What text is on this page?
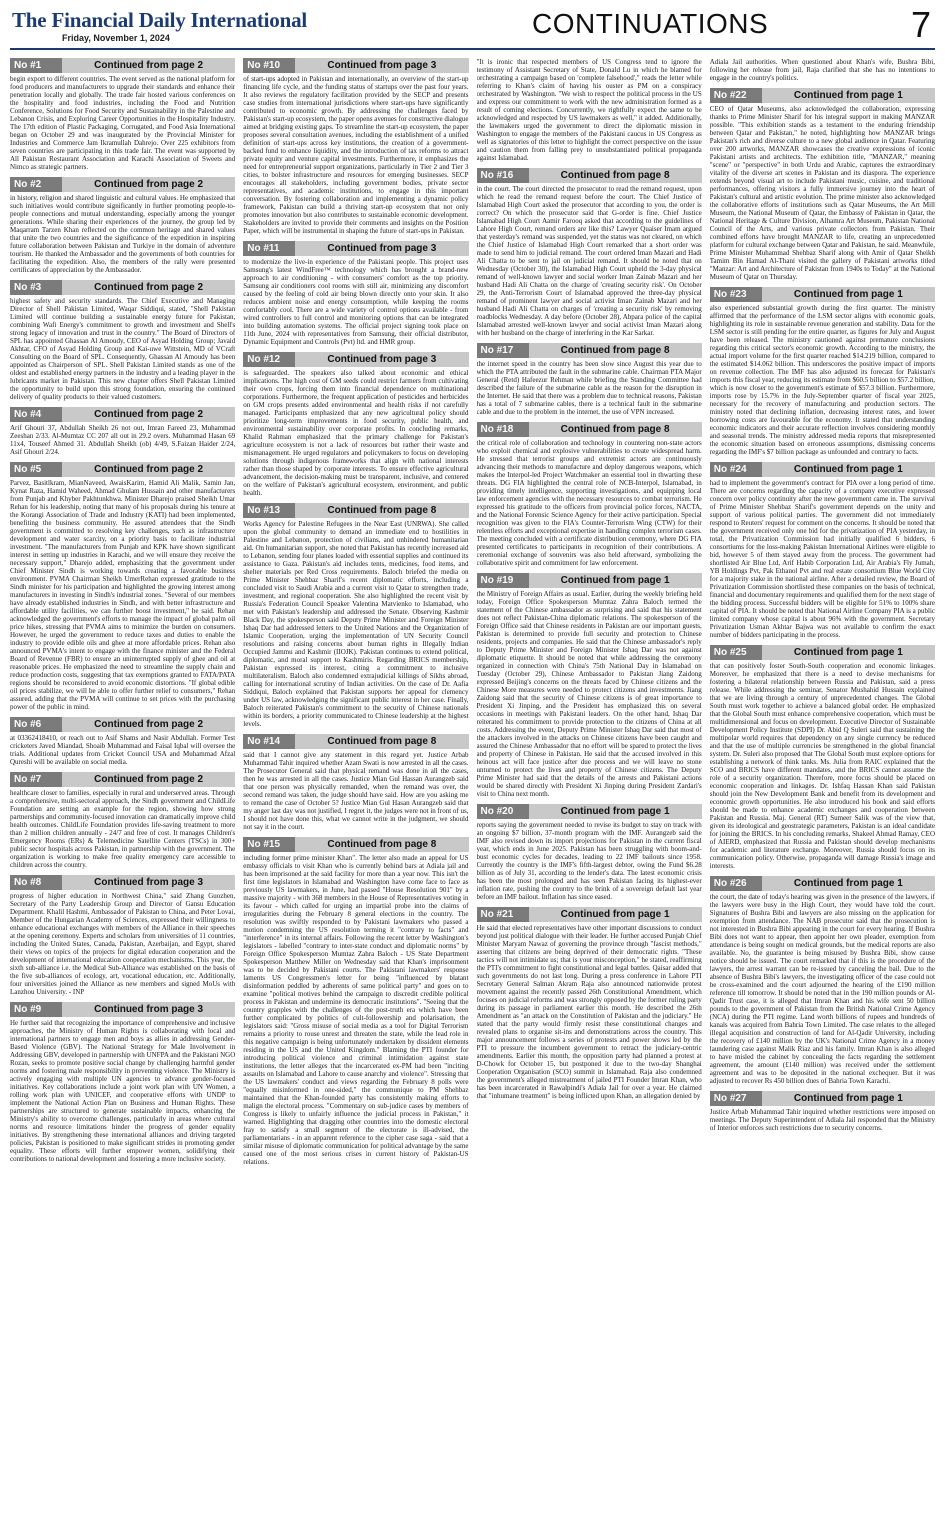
The Financial Daily International
Friday, November 1, 2024	CONTINUATIONS	7
No #1	Continued from page 2
begin export to different countries. The event served as the national platform for food producers and manufacturers to upgrade their standards and enhance their penetration locally and globally. The trade fair hosted various conferences on the hospitality and food industries, including the Food and Nutrition Conference, Solutions for Food Security and Sustainability in the Palestine and Lebanon Crisis, and Exploring Career Opportunities in the Hospitality Industry. The 17th edition of Plastic Packaging, Corrugated, and Food Asia International began on October 29 and was inaugurated by the Provincial Minister for Industries and Commerce Jam Ikramullah Dahrejo. Over 225 exhibitors from seven countries are participating in this trade fair. The event was supported by All Pakistan Restaurant Association and Karachi Association of Sweets and Nimco as strategic partners.
No #2	Continued from page 2
in history, religion and shared linguistic and cultural values. He emphasized that such initiatives would contribute significantly in further promoting people-to-people connections and mutual understanding, especially among the younger generations. While sharing their experiences of the journey, the group led by Maqarram Tarzen Khan reflected on the common heritage and shared values that unite the two countries and the significance of the expedition in inspiring future collaboration between Pakistan and Turkiye in the domain of adventure tourism. He thanked the Ambassador and the governments of both countries for facilitating the expedition. Also, the members of the rally were presented certificates of appreciation by the Ambassador.
No #3	Continued from page 2
highest safety and security standards. The Chief Executive and Managing Director of Shell Pakistan Limited, Waqar Siddiqui, stated, "Shell Pakistan Limited will continue building a sustainable energy future for Pakistan, combining Wafi Energy's commitment to growth and investment and Shell's strong legacy of innovation and trust in the country." The Board of Directors of SPL has appointed Ghassan Al Amoudy, CEO of Asyad Holding Group; Javaid Akhtar, CFO of Asyad Holding Group and Kai-uwe Wittstein, MD of VCraft Consulting on the Board of SPL. Consequently, Ghassan Al Amoudy has been appointed as Chairperson of SPL. Shell Pakistan Limited stands as one of the oldest and established energy partners in the industry and a leading player in the lubricants market in Pakistan. This new chapter offers Shell Pakistan Limited the opportunity to build upon this strong foundation, ensuring the continued delivery of quality products to their valued customers.
No #4	Continued from page 2
Arif Ghouri 37, Abdullah Sheikh 26 not out, Imran Fareed 23, Muhammad Zeeshan 2/33. Al-Mumtaz CC 207 all out in 29.2 overs. Muhammad Hasan 69 11x4, Touseef Ahmed 31. Abdullah Sheikh (ob) 4/49, S.Faizan Haider 2/24, Asif Ghouri 2/24.
No #5	Continued from page 2
Parvez, Basitlkram, MianNaveed, AwaisKarim, Hamid Ali Malik, Samin Jan, Kynat Raza, Hamid Waheed, Ahmad Ghulam Hussain and other manufacturers from Punjab and Khyber Pakhtunkhwa. Minister Dharejo praised Sheikh Umar Rehan for his leadership, noting that many of his proposals during his tenure at the Korangi Association of Trade and Industry (KATI) had been implemented, benefiting the business community. He assured attendees that the Sindh government is committed to resolving key challenges, such as infrastructure development and water scarcity, on a priority basis to facilitate industrial investment. "The manufacturers from Punjab and KPK have shown significant interest in setting up industries in Karachi, and we will ensure they receive the necessary support," Dharejo added, emphasizing that the government under Chief Minister Sindh is working towards creating a favorable business environment. PVMA Chairman Sheikh UmerRehan expressed gratitude to the Sindh minister for his participation and highlighted the growing interest among manufacturers in investing in Sindh's industrial zones. "Several of our members have already established industries in Sindh, and with better infrastructure and affordable utility facilities, we can further boost investment," he said. Rehan acknowledged the government's efforts to manage the impact of global palm oil price hikes, stressing that PVMA aims to minimize the burden on consumers. However, he urged the government to reduce taxes and duties to enable the industry to provide edible oils and ghee at more affordable prices. Rehan also announced PVMA's intent to engage with the finance minister and the Federal Board of Revenue (FBR) to ensure an uninterrupted supply of ghee and oil at reasonable prices. He emphasized the need to streamline the supply chain and reduce production costs, suggesting that tax exemptions granted to FATA/PATA regions should be reconsidered to avoid economic distortions. "If global edible oil prices stabilize, we will be able to offer further relief to consumers," Rehan assured, adding that the PVMA will continue to set prices with the purchasing power of the public in mind.
No #6	Continued from page 2
at 03362418410, or reach out to Asif Shams and Nasir Abdullah. Former Test cricketers Javed Miandad, Shoaib Muhammad and Faisal Iqbal will oversee the trials. Additional updates from Cricket Council USA and Muhammad Afzal Qureshi will be available on social media.
No #7	Continued from page 2
healthcare closer to families, especially in rural and underserved areas. Through a comprehensive, multi-sectoral approach, the Sindh government and ChildLife Foundation are setting an example for the region, showing how strong partnerships and community-focused innovation can dramatically improve child health outcomes. ChildLife Foundation provides life-saving treatment to more than 2 million children annually - 24/7 and free of cost. It manages Children's Emergency Rooms (ERs) & Telemedicine Satellite Centers (TSCs) in 300+ public sector hospitals across Pakistan, in partnership with the government. The organization is working to make free quality emergency care accessible to children across the country.
No #8	Continued from page 3
progress of higher education in Northwest China," said Zhang Guozhen, Secretary of the Party Leadership Group and Director of Gansu Education Department. Khalil Hashmi, Ambassador of Pakistan to China, and Peter Lovai, Member of the Hungarian Academy of Sciences, expressed their willingness to enhance educational exchanges with members of the Alliance in their speeches at the opening ceremony. Experts and scholars from universities of 11 countries, including the United States, Canada, Pakistan, Azerbaijan, and Egypt, shared their views on topics of the projects for digital education cooperation and the development of international education cooperation mechanisms. This year, the sixth sub-alliance i.e. the Medical Sub-Alliance was established on the basis of the five sub-alliances of ecology, art, vocational education, etc. Additionally, four universities joined the Alliance as new members and signed MoUs with Lanzhou University. - INP
No #9	Continued from page 3
He further said that recognizing the importance of comprehensive and inclusive approaches, the Ministry of Human Rights is collaborating with local and international partners to engage men and boys as allies in addressing Gender-Based Violence (GBV). The National Strategy for Male Involvement in Addressing GBV, developed in partnership with UNFPA and the Pakistani NGO Rozan, seeks to promote positive social change by challenging harmful gender norms and fostering male responsibility in preventing violence. The Ministry is actively engaging with multiple UN agencies to advance gender-focused initiatives. Key collaborations include a joint work plan with UN Women, a rolling work plan with UNICEF, and cooperative efforts with UNDP to implement the National Action Plan on Business and Human Rights. These partnerships are structured to generate sustainable impacts, enhancing the Ministry's ability to overcome challenges, particularly in areas where cultural norms and resource limitations hinder the progress of gender equality initiatives. By strengthening these international alliances and driving targeted policies, Pakistan is positioned to make significant strides in promoting gender equality. These efforts will further empower women, solidifying their contributions to national development and fostering a more inclusive society.
No #10	Continued from page 3
of start-ups adopted in Pakistan and internationally, an overview of the start-up financing life cycle, and the funding status of startups over the past four years. It also reviews the regulatory facilitation provided by the SECP and presents case studies from international jurisdictions where start-ups have significantly contributed to economic growth. By addressing the challenges faced by Pakistan's start-up ecosystem, the paper opens avenues for constructive dialogue aimed at bridging existing gaps. To streamline the start-up ecosystem, the paper proposes several consultation avenues, including the establishment of a unified definition of start-ups across key institutions, the creation of a government-backed fund to enhance liquidity, and the introduction of tax reforms to attract private equity and venture capital investments. Furthermore, it emphasizes the need for entrepreneurial support organizations, particularly in Tier 2 and Tier 3 cities, to bolster infrastructure and resources for emerging businesses. SECP encourages all stakeholders, including government bodies, private sector representatives, and academic institutions, to engage in this important conversation. By fostering collaboration and implementing a dynamic policy framework, Pakistan can build a thriving start-up ecosystem that not only promotes innovation but also contributes to sustainable economic development. Stakeholders are invited to provide their comments and insights on the Position Paper, which will be instrumental in shaping the future of start-ups in Pakistan.
No #11	Continued from page 3
to modernize the live-in experience of the Pakistani people. This project uses Samsung's latest WindFree™ technology which has brought a brand-new approach to air conditioning - with consumers' comfort as the top priority. Samsung air conditioners cool rooms with still air, minimizing any discomfort caused by the feeling of cold air being blown directly onto your skin. It also reduces ambient noise and energy consumption, while keeping the rooms comfortably cool. There are a wide variety of control options available - from wired controllers to full control and monitoring options that can be integrated into building automation systems. The official project signing took place on 11th June, 2024 with representatives from Samsung, their official distributor, Dynamic Equipment and Controls (Pvt) ltd. and HMR group.
No #12	Continued from page 3
is safeguarded. The speakers also talked about economic and ethical implications. The high cost of GM seeds could restrict farmers from cultivating their own crops, forcing them into financial dependence on multinational corporations. Furthermore, the frequent application of pesticides and herbicides on GM crops presents added environmental and health risks if not carefully managed. Participants emphasized that any new agricultural policy should prioritize long-term improvements in food security, public health, and environmental sustainability over corporate profits. In concluding remarks, Khalid Rahman emphasized that the primary challenge for Pakistan's agriculture ecosystem is not a lack of resources but rather their waste and mismanagement. He urged regulators and policymakers to focus on developing solutions through indigenous frameworks that align with national interests rather than those shaped by corporate interests. To ensure effective agricultural advancement, the decision-making must be transparent, inclusive, and centered on the welfare of Pakistan's agricultural ecosystem, environment, and public health.
No #13	Continued from page 8
Works Agency for Palestine Refugees in the Near East (UNRWA). She called upon the global community to demand an immediate end to hostilities in Palestine and Lebanon, protection of civilians, and unhindered humanitarian aid. On humanitarian support, she noted that Pakistan has recently increased aid to Lebanon, sending four planes loaded with essential supplies and continued its assistance to Gaza. Pakistan's aid includes tents, medicines, food items, and shelter materials per Red Cross requirements. Baloch briefed the media on Prime Minister Shehbaz Sharif's recent diplomatic efforts, including a concluded visit to Saudi Arabia and a current visit to Qatar to strengthen trade, investment, and regional cooperation. She also highlighted the recent visit by Russia's Federation Council Speaker Valentina Matvienko to Islamabad, who met with Pakistan's leadership and addressed the Senate. Observing Kashmir Black Day, the spokesperson said Deputy Prime Minister and Foreign Minister Ishaq Dar had addressed letters to the United Nations and the Organization of Islamic Cooperation, urging the implementation of UN Security Council resolutions and raising concerns about human rights in Illegally Indian Occupied Jammu and Kashmir (IIOJK). Pakistan continues to extend political, diplomatic, and moral support to Kashmiris. Regarding BRICS membership, Pakistan expressed its interest, citing a commitment to inclusive multilateralism. Baloch also condemned extrajudicial killings of Sikhs abroad, calling for international scrutiny of Indian activities. On the case of Dr. Aafia Siddiqui, Baloch explained that Pakistan supports her appeal for clemency under US law, acknowledging the significant public interest in her case. Finally, Baloch reiterated Pakistan's commitment to the security of Chinese nationals within its borders, a priority communicated to Chinese leadership at the highest levels.
No #14	Continued from page 8
said that I cannot give any statement in this regard yet. Justice Arbab Muhammad Tahir inquired whether Azam Swati is now arrested in all the cases. The Prosecutor General said that physical remand was done in all the cases, then he was arrested in all the cases. Justice Mian Gul Hassan Aurangzeb said that one person was physically remanded, when the remand was over, the second remand was taken, the judge should have said. How are you asking me to remand the case of October 5? Justice Mian Gul Hasan Aurangzeb said that my anger last day was not justified, I regret it, the judges were not in front of us, I should not have done this, what we cannot write in the judgment, we should not say it in the court.
No #15	Continued from page 8
including former prime minister Khan". The letter also made an appeal for US embassy officials to visit Khan who is currently behind bars at Adiala jail and has been imprisoned at the said facility for more than a year now. This isn't the first time legislators in Islamabad and Washington have come face to face as previously US lawmakers, in June, had passed "House Resolution 901" by a massive majority - with 368 members in the House of Representatives voting in its favour - which called for urging an impartial probe into the claims of irregularities during the February 8 general elections in the country. The resolution was swiftly responded to by Pakistani lawmakers who passed a motion condemning the US resolution terming it "contrary to facts" and "interference" in its internal affairs. Following the recent letter by Washington's legislators - labelled "contrary to inter-state conduct and diplomatic norms" by Foreign Office Spokesperson Mumtaz Zahra Baloch - US State Department Spokesperson Matthew Miller on Wednesday said that Khan's imprisonment was to be decided by Pakistani courts. The Pakistani lawmakers' response laments US Congressmen's letter for being "influenced by blatant disinformation peddled by adherents of same political party" and goes on to examine "political motives behind the campaign to discredit credible political process in Pakistan and undermine its democratic institutions". "Seeing that the country grapples with the challenges of the post-truth era which have been further complicated by politics of cult-followership and polarisation, the legislators said: "Gross misuse of social media as a tool for Digital Terrorism remains a priority to rouse unrest and threaten the state, while the lead role in this negative campaign is being unfortunately undertaken by dissident elements residing in the US and the United Kingdom." Blaming the PTI founder for introducing political violence and criminal intimidation against state institutions, the letter alleges that the incarcerated ex-PM had been "inciting assaults on Islamabad and Lahore to cause anarchy and violence". Stressing that the US lawmakers' conduct and views regarding the February 8 polls were "equally misinformed in one-sided," the communique to PM Shehbaz maintained that the Khan-founded party has consistently making efforts to malign the electoral process. "Commentary on sub-judice cases by members of Congress is likely to unfairly influence the judicial process in Pakistan," it warned. Highlighting that dragging other countries into the domestic electoral fray to satisfy a small segment of the electorate is ill-advised, the parliamentarians - in an apparent reference to the cipher case saga - said that a similar misuse of diplomatic communication for political advantage by the same caused one of the most serious crises in current history of Pakistan-US relations.
"It is ironic that respected members of US Congress tend to ignore the testimony of Assistant Secretary of State, Donald Lu in which he blamed for orchestrating a campaign based on 'complete falsehood'," reads the letter while referring to Khan's claim of having his ouster as PM on a conspiracy orchestrated by Washington. "We wish to respect the political process in the US and express our commitment to work with the new administration formed as a result of coming elections. Concurrently, we rightfully expect the same to be acknowledged and respected by US lawmakers as well," it added. Additionally, the lawmakers urged the government to direct the diplomatic mission in Washington to engage the members of the Pakistani caucus in US Congress as well as signatories of this letter to highlight the correct perspective on the issue and caution them from falling prey to unsubstantiated political propaganda against Islamabad.
No #16	Continued from page 8
in the court. The court directed the prosecutor to read the remand request, upon which he read the remand request before the court. The Chief Justice of Islamabad High Court asked the prosecutor that according to you, the order is correct? On which the prosecutor said that G-order is fine. Chief Justice Islamabad High Court Aamir Farooq asked that according to the guidelines of Lahore High Court, remand orders are like this? Lawyer Quaiser Imam argued that yesterday's remand was suspended, yet the status was not cleared, on which the Chief Justice of Islamabad High Court remarked that a short order was made to send him to judicial remand. The court ordered Iman Mazari and Hadi Ali Chatta to be sent to jail on judicial remand. It should be noted that on Wednesday (October 30), the Islamabad High Court upheld the 3-day physical remand of well-known lawyer and social worker Iman Zainab Mazari and her husband Hadi Ali Chatta on the charge of 'creating security risk'. On October 29, the Anti-Terrorism Court of Islamabad approved the three-day physical remand of prominent lawyer and social activist Iman Zainab Mazari and her husband Hadi Ali Chatta on charges of 'creating a security risk' by removing roadblocks Wednesday. A day before (October 28), Abpara police of the capital Islamabad arrested well-known lawyer and social activist Iman Mazari along with her husband on the charge of interfering in the Kar Sarkar.
No #17	Continued from page 8
the internet speed in the country has been slow since August this year due to which the PTA attributed the fault in the submarine cable. Chairman PTA Major General (Retd) Hafeezur Rehman while briefing the Standing Committee had described the failure of the submarine cable as the reason for the disruption in the Internet. He said that there was a problem due to technical reasons, Pakistan has a total of 7 submarine cables, there is a technical fault in the submarine cable and due to the problem in the internet, the use of VPN increased.
No #18	Continued from page 8
the critical role of collaboration and technology in countering non-state actors who exploit chemical and explosive vulnerabilities to create widespread harm. He stressed that terrorist groups and extremist actors are continuously advancing their methods to manufacture and deploy dangerous weapons, which makes the Interpol-led Project Watchmaker an essential tool in thwarting these threats. DG FIA highlighted the central role of NCB-Interpol, Islamabad, in providing timely intelligence, supporting investigations, and equipping local law enforcement agencies with the necessary resources to combat terrorism. He expressed his gratitude to the officers from provincial police forces, NACTA, and the National Forensic Science Agency for their active participation. Special recognition was given to the FIA's Counter-Terrorism Wing (CTW) for their relentless efforts and exceptional expertise in handling complex terrorism cases. The meeting concluded with a certificate distribution ceremony, where DG FIA presented certificates to participants in recognition of their contributions. A ceremonial exchange of souvenirs was also held afterward, symbolizing the collaborative spirit and commitment for law enforcement.
No #19	Continued from page 1
the Ministry of Foreign Affairs as usual. Earlier, during the weekly briefing held today, Foreign Office Spokesperson Mumtaz Zahra Baloch termed the statement of the Chinese ambassador as surprising and said that his statement does not reflect Pakistan-China diplomatic relations. The spokesperson of the Foreign Office said that Chinese residents in Pakistan are our important guests, Pakistan is determined to provide full security and protection to Chinese residents, projects and companies. He said that the Chinese ambassador's reply to Deputy Prime Minister and Foreign Minister Ishaq Dar was not against diplomatic etiquette. It should be noted that while addressing the ceremony organized in connection with China's 75th National Day in Islamabad on Tuesday (October 29), Chinese Ambassador to Pakistan Jiang Zaidong expressed Beijing's concerns on the threats faced by Chinese citizens and the Chinese More measures were needed to protect citizens and investments. Jiang Zaidong said that the security of Chinese citizens is of great importance to President Xi Jinping, and the President has emphasized this on several occasions in meetings with Pakistani leaders. On the other hand, Ishaq Dar reiterated his commitment to provide protection to the citizens of China at all costs. Addressing the event, Deputy Prime Minister Ishaq Dar said that most of the attackers involved in the attacks on Chinese citizens have been caught and assured the Chinese Ambassador that no effort will be spared to protect the lives and property of Chinese in Pakistan. He said that the accused involved in this heinous act will face justice after due process and we will leave no stone unturned to protect the lives and property of Chinese citizens. The Deputy Prime Minister had said that the details of the arrests and Pakistani actions would be shared directly with President Xi Jinping during President Zardari's visit to China next month.
No #20	Continued from page 1
reports saying the government needed to revise its budget to stay on track with an ongoing $7 billion, 37-month program with the IMF. Aurangzeb said the IMF also revised down its import projections for Pakistan in the current fiscal year, which ends in June 2025. Pakistan has been struggling with boom-and-bust economic cycles for decades, leading to 22 IMF bailouts since 1958. Currently the country is the IMF's fifth-largest debtor, owing the Fund $6.28 billion as of July 31, according to the lender's data. The latest economic crisis has been the most prolonged and has seen Pakistan facing its highest-ever inflation rate, pushing the country to the brink of a sovereign default last year before an IMF bailout. Inflation has since eased.
No #21	Continued from page 1
He said that elected representatives have other important discussions to conduct beyond just political dialogue with their leader. He further accused Punjab Chief Minister Maryam Nawaz of governing the province through "fascist methods," asserting that citizens are being deprived of their democratic rights. "These tactics will not intimidate us; that is your misconception," he stated, reaffirming the PTI's commitment to fight constitutional and legal battles. Qaisar added that such governments do not last long. During a press conference in Lahore PTI Secretary General Salman Akram Raja also announced nationwide protest movement against the recently passed 26th Constitutional Amendment, which focuses on judicial reforms and was strongly opposed by the former ruling party during its passage in parliament earlier this month. He described the 26th Amendment as "an attack on the Constitution of Pakistan and the judiciary." He stated that the party would firmly resist these constitutional changes and revealed plans to organise sit-ins and demonstrations across the country. This major announcement follows a series of protests and power shows led by the PTI to pressure the incumbent government to retract the judiciary-centric amendments. Earlier this month, the opposition party had planned a protest at D-Chowk for October 15, but postponed it due to the two-day Shanghai Cooperation Organisation (SCO) summit in Islamabad. Raja also condemned the government's alleged mistreatment of jailed PTI Founder Imran Khan, who has been incarcerated in Rawalpindi's Adiala Jail for over a year. He claimed that "inhumane treatment" is being inflicted upon Khan, an allegation denied by
Adiala Jail authorities. When questioned about Khan's wife, Bushra Bibi, following her release from jail, Raja clarified that she has no intentions to engage in the country's politics.
No #22	Continued from page 1
CEO of Qatar Museums, also acknowledged the collaboration, expressing thanks to Prime Minister Sharif for his integral support in making MANZAR possible. "This exhibition stands as a testament to the enduring friendship between Qatar and Pakistan," he noted, highlighting how MANZAR brings Pakistan's rich and diverse culture to a new global audience in Qatar. Featuring over 200 artworks, MANZAR showcases the creative expressions of iconic Pakistani artists and architects. The exhibition title, "MANZAR," meaning "scene" or "perspective" in both Urdu and Arabic, captures the extraordinary vitality of the diverse art scenes in Pakistan and its diaspora. The experience extends beyond visual art to include Pakistani music, cuisine, and traditional performances, offering visitors a fully immersive journey into the heart of Pakistan's cultural and artistic evolution. The prime minister also acknowledged the collaborative efforts of institutions such as Qatar Museums, the Art Mill Museum, the National Museum of Qatar, the Embassy of Pakistan in Qatar, the National Heritage & Culture Division, Alhamra Art Museum, Pakistan National Council of the Arts, and various private collectors from Pakistan. Their combined efforts have brought MANZAR to life, creating an unprecedented platform for cultural exchange between Qatar and Pakistan, he said. Meanwhile, Prime Minister Muhammad Shehbaz Sharif along with Amir of Qatar Sheikh Tamim Bin Hamad Al-Thani visited the gallery of Pakistani artworks titled "Manzar: Art and Architecture of Pakistan from 1940s to Today" at the National Museum of Qatar on Thursday.
No #23	Continued from page 1
also experienced substantial growth during the first quarter. The ministry affirmed that the performance of the LSM sector aligns with economic goals, highlighting its role in sustainable revenue generation and stability. Data for the LSM sector is still pending for the entire quarter, as figures for July and August have been released. The ministry cautioned against premature conclusions regarding this critical sector's economic growth. According to the ministry, the actual import volume for the first quarter reached $14.219 billion, compared to the estimated $14.062 billion. This underscores the positive impact of imports on revenue collection. The IMF has also adjusted its forecast for Pakistan's imports this fiscal year, reducing its estimate from $60.5 billion to $57.2 billion, which is now closer to the government's estimate of $57.3 billion. Furthermore, imports rose by 15.7% in the July-September quarter of fiscal year 2025, necessary for the recovery of manufacturing and production sectors. The ministry noted that declining inflation, decreasing interest rates, and lower borrowing costs are favourable for the economy. It stated that understanding economic indicators and their accurate reflection involves considering monthly and seasonal trends. The ministry addressed media reports that misrepresented the economic situation based on erroneous assumptions, dismissing concerns regarding the IMF's $7 billion package as unfounded and contrary to facts.
No #24	Continued from page 1
had to implement the government's contract for PIA over a long period of time. There are concerns regarding the capacity of a company executive expressed concern over policy continuity after the new government came in. The survival of Prime Minister Shehbaz Sharif's government depends on the unity and support of various political parties. The government did not immediately respond to Reuters' request for comment on the concerns. It should be noted that the government received only one bid for the privatization of PIA yesterday, in total, the Privatization Commission had initially qualified 6 bidders, 6 consortiums for the loss-making Pakistan International Airlines were eligible to bid, however 5 of them stayed away from the process. The government had shortlisted Air Blue Ltd, Arif Habib Corporation Ltd, Air Arabia's Fly Jumah, YB Holdings Pvt, Pak Ethanol Pvt and real estate consortium Blue World City for a majority stake in the national airline. After a detailed review, the Board of Privatization Commission shortlisted these companies on the basis of technical, financial and documentary requirements and qualified them for the next stage of the bidding process. Successful bidders will be eligible for 51% to 100% share capital of PIA. It should be noted that National Airline Company PIA is a public limited company whose capital is about 96% with the government. Secretary Privatization Usman Akhtar Bajwa was not available to confirm the exact number of bidders participating in the process.
No #25	Continued from page 1
that can positively foster South-South cooperation and economic linkages. Moreover, he emphasized that there is a need to devise mechanisms for fostering a bilateral relationship between Russia and Pakistan, said a press release. While addressing the seminar, Senator Mushahid Hussain explained that we are living through a century of unprecedented changes. The Global South must work together to achieve a balanced global order. He emphasized that the Global South must enhance comprehensive cooperation, which must be multidimensional and focus on development. Executive Director of Sustainable Development Policy Institute (SDPI) Dr. Abid Q Suleri said that sustaining the multipolar world requires that dependency on any single currency be reduced and that the use of multiple currencies be strengthened in the global financial system. Dr. Suleri also proposed that The Global South must explore options for establishing a network of think tanks. Ms. Julia from RAIC explained that the SCO and BRICS have different mandates, and the BRICS cannot assume the role of a security organization. Therefore, more focus should be placed on economic cooperation and linkages. Dr. Ishfaq Hassan Khan said Pakistan should join the New Development Bank and benefit from its development and economic growth opportunities. He also introduced his book and said efforts should be made to enhance academic exchanges and cooperation between Pakistan and Russia. Maj. General (RT) Sumeer Salik was of the view that, given its ideological and geostrategic parameters, Pakistan is an ideal candidate for joining the BRICS. In his concluding remarks, Shakeel Ahmad Ramay, CEO of AIERD, emphasized that Russia and Pakistan should develop mechanisms for academic and literature exchange. Moreover, Russia should focus on its communication policy. Otherwise, propaganda will damage Russia's image and interests.
No #26	Continued from page 1
the court, the date of today's hearing was given in the presence of the lawyers, if the lawyers were busy in the High Court, they would have told the court. Signatures of Bushra Bibi and lawyers are also missing on the application for exemption from attendance. The NAB prosecutor said that the prosecution is not interested in Bushra Bibi appearing in the court for every hearing. If Bushra Bibi does not want to appear, then appoint her own pleader, exemption from attendance is being sought on medical grounds, but the medical reports are also available. No, the guarantee is being misused by Bushra Bibi, show cause notice should be issued. The court remarked that if this is the procedure of the lawyers, the arrest warrant can be re-issued by canceling the bail. Due to the absence of Bushra Bibi's lawyers, the investigating officer of the case could not be cross-examined and the court adjourned the hearing of the £190 million reference till tomorrow. It should be noted that in the 190 million pounds or Al-Qadir Trust case, it is alleged that Imran Khan and his wife sent 50 billion pounds to the government of Pakistan from the British National Crime Agency (NCA) during the PTI regime. Land worth billions of rupees and hundreds of kanals was acquired from Bahria Town Limited. The case relates to the alleged illegal acquisition and construction of land for Al-Qadir University, including the recovery of £140 million by the UK's National Crime Agency in a money laundering case against Malik Riaz and his family. Imran Khan is also alleged to have misled the cabinet by concealing the facts regarding the settlement agreement, the amount (£140 million) was received under the settlement agreement and was to be deposited in the national exchequer. But it was adjusted to recover Rs 450 billion dues of Bahria Town Karachi.
No #27	Continued from page 1
Justice Arbab Muhammad Tahir inquired whether restrictions were imposed on meetings. The Deputy Superintendent of Adiala Jail responded that the Ministry of Interior enforces such restrictions due to security concerns.
